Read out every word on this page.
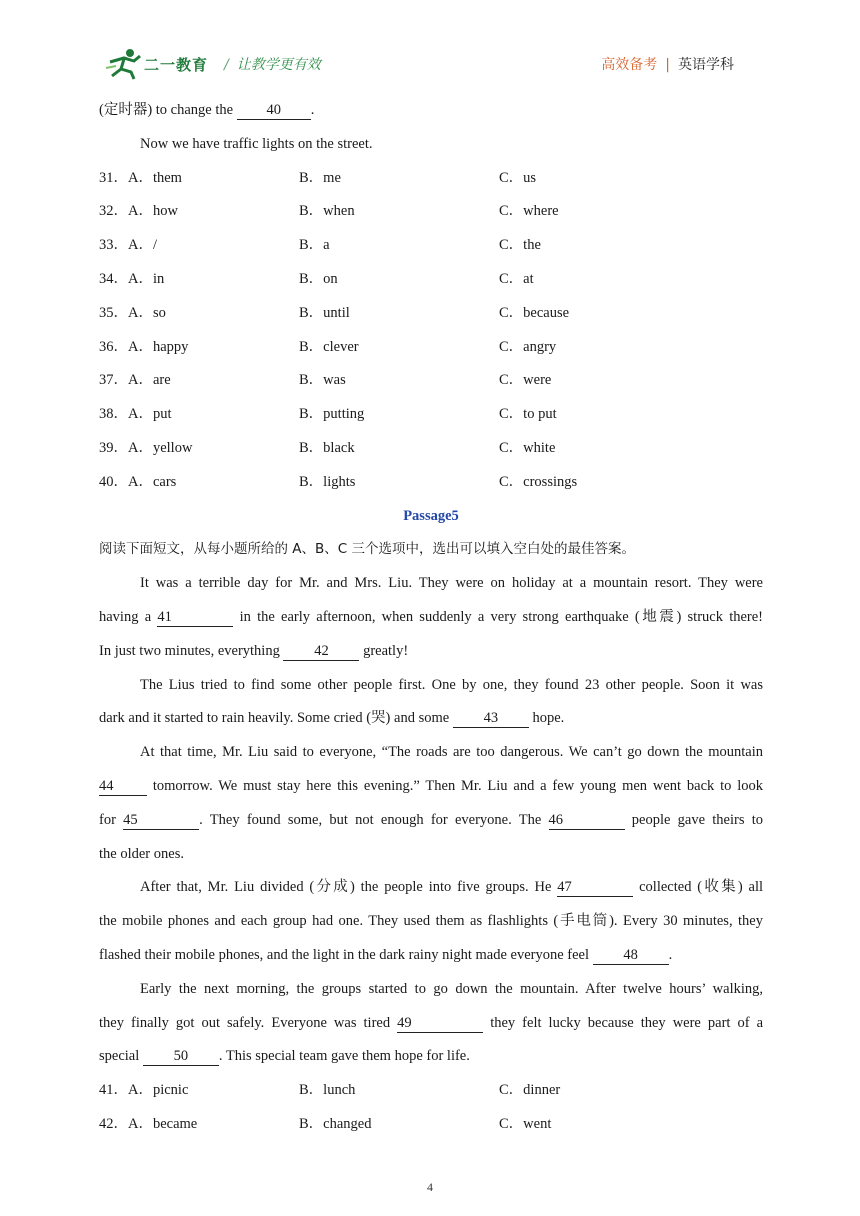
二一教育 / 让教学更有效	高效备考 | 英语学科
(定时器) to change the 40 .
Now we have traffic lights on the street.
31．A．them	B．me	C．us
32．A．how	B．when	C．where
33．A．/	B．a	C．the
34．A．in	B．on	C．at
35．A．so	B．until	C．because
36．A．happy	B．clever	C．angry
37．A．are	B．was	C．were
38．A．put	B．putting	C．to put
39．A．yellow	B．black	C．white
40．A．cars	B．lights	C．crossings
Passage5
阅读下面短文，从每小题所给的 A、B、C 三个选项中，选出可以填入空白处的最佳答案。
It was a terrible day for Mr. and Mrs. Liu. They were on holiday at a mountain resort. They were
having a 41	in the early afternoon, when suddenly a very strong earthquake (地震) struck there!
In just two minutes, everything 42 greatly!
The Lius tried to find some other people first. One by one, they found 23 other people. Soon it was
dark and it started to rain heavily. Some cried (哭) and some 43 hope.
At that time, Mr. Liu said to everyone, “The roads are too dangerous. We can’t go down the mountain
44	tomorrow. We must stay here this evening.” Then Mr. Liu and a few young men went back to look
for 45	. They found some, but not enough for everyone. The 46	people gave theirs to
the older ones.
After that, Mr. Liu divided (分成) the people into five groups. He 47	collected (收集) all
the mobile phones and each group had one. They used them as flashlights (手电筒). Every 30 minutes, they
flashed their mobile phones, and the light in the dark rainy night made everyone feel 48 .
Early the next morning, the groups started to go down the mountain. After twelve hours’ walking,
they finally got out safely. Everyone was tired 49	they felt lucky because they were part of a
special 50 . This special team gave them hope for life.
41．A．picnic	B．lunch	C．dinner
42．A．became	B．changed	C．went
4
